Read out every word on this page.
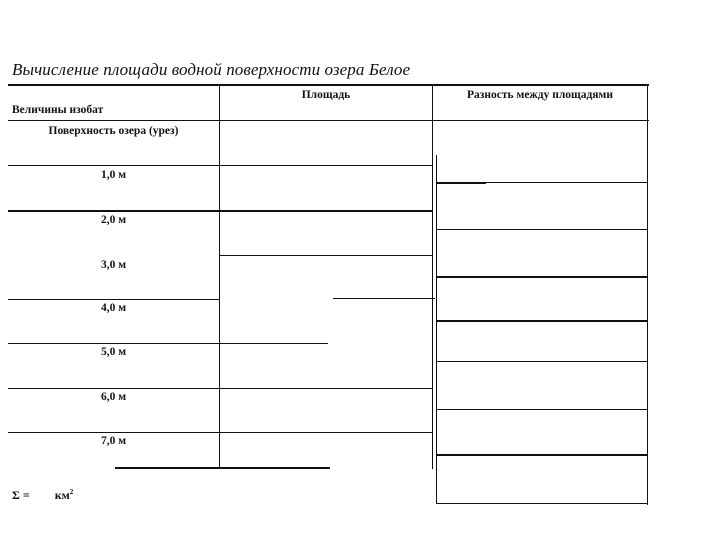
Вычисление площади водной поверхности озера Белое
Величины изобат
Площадь	Разность между площадями
Поверхность озера (урез)
1,0 м
2,0 м
3,0 м
4,0 м
5,0 м
6,0 м
7,0 м
$\Sigma = км^2$
